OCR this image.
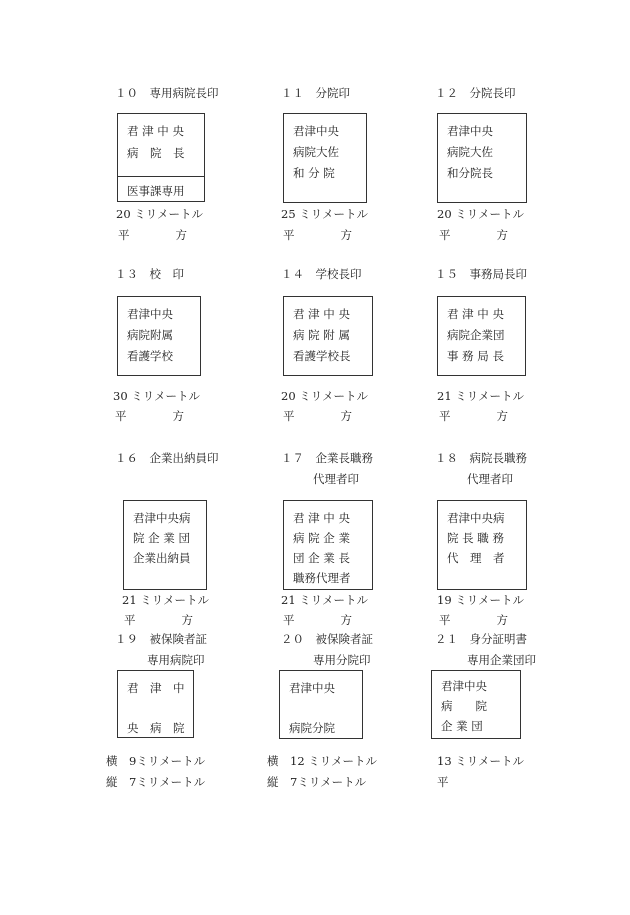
１０　専用病院長印
君 津 中 央
病　院　長
医事課専用
20 ミリメートル
平　　　　方
１１　分院印
君津中央
病院大佐
和 分 院
25 ミリメートル
平　　　　方
１２　分院長印
君津中央
病院大佐
和分院長
20 ミリメートル
平　　　　方
１３　校　印
君津中央
病院附属
看護学校
30 ミリメートル
平　　　　方
１４　学校長印
君 津 中 央
病 院 附 属
看護学校長
20 ミリメートル
平　　　　方
１５　事務局長印
君 津 中 央
病院企業団
事 務 局 長
21 ミリメートル
平　　　　方
１６　企業出納員印
君津中央病
院 企 業 団
企業出納員
21 ミリメートル
平　　　　方
１７　企業長職務
代理者印
君 津 中 央
病 院 企 業
団 企 業 長
職務代理者
21 ミリメートル
平　　　　方
１８　病院長職務
代理者印
君津中央病
院 長 職 務
代　理　者
19 ミリメートル
平　　　　方
１９　被保険者証
専用病院印
君　津　中
央　病　院
横　9ミリメートル
縦　7ミリメートル
２０　被保険者証
専用分院印
君津中央
病院分院
横　12 ミリメートル
縦　7ミリメートル
２１　身分証明書
専用企業団印
君津中央
病　　院
企 業 団
13 ミリメートル
平
